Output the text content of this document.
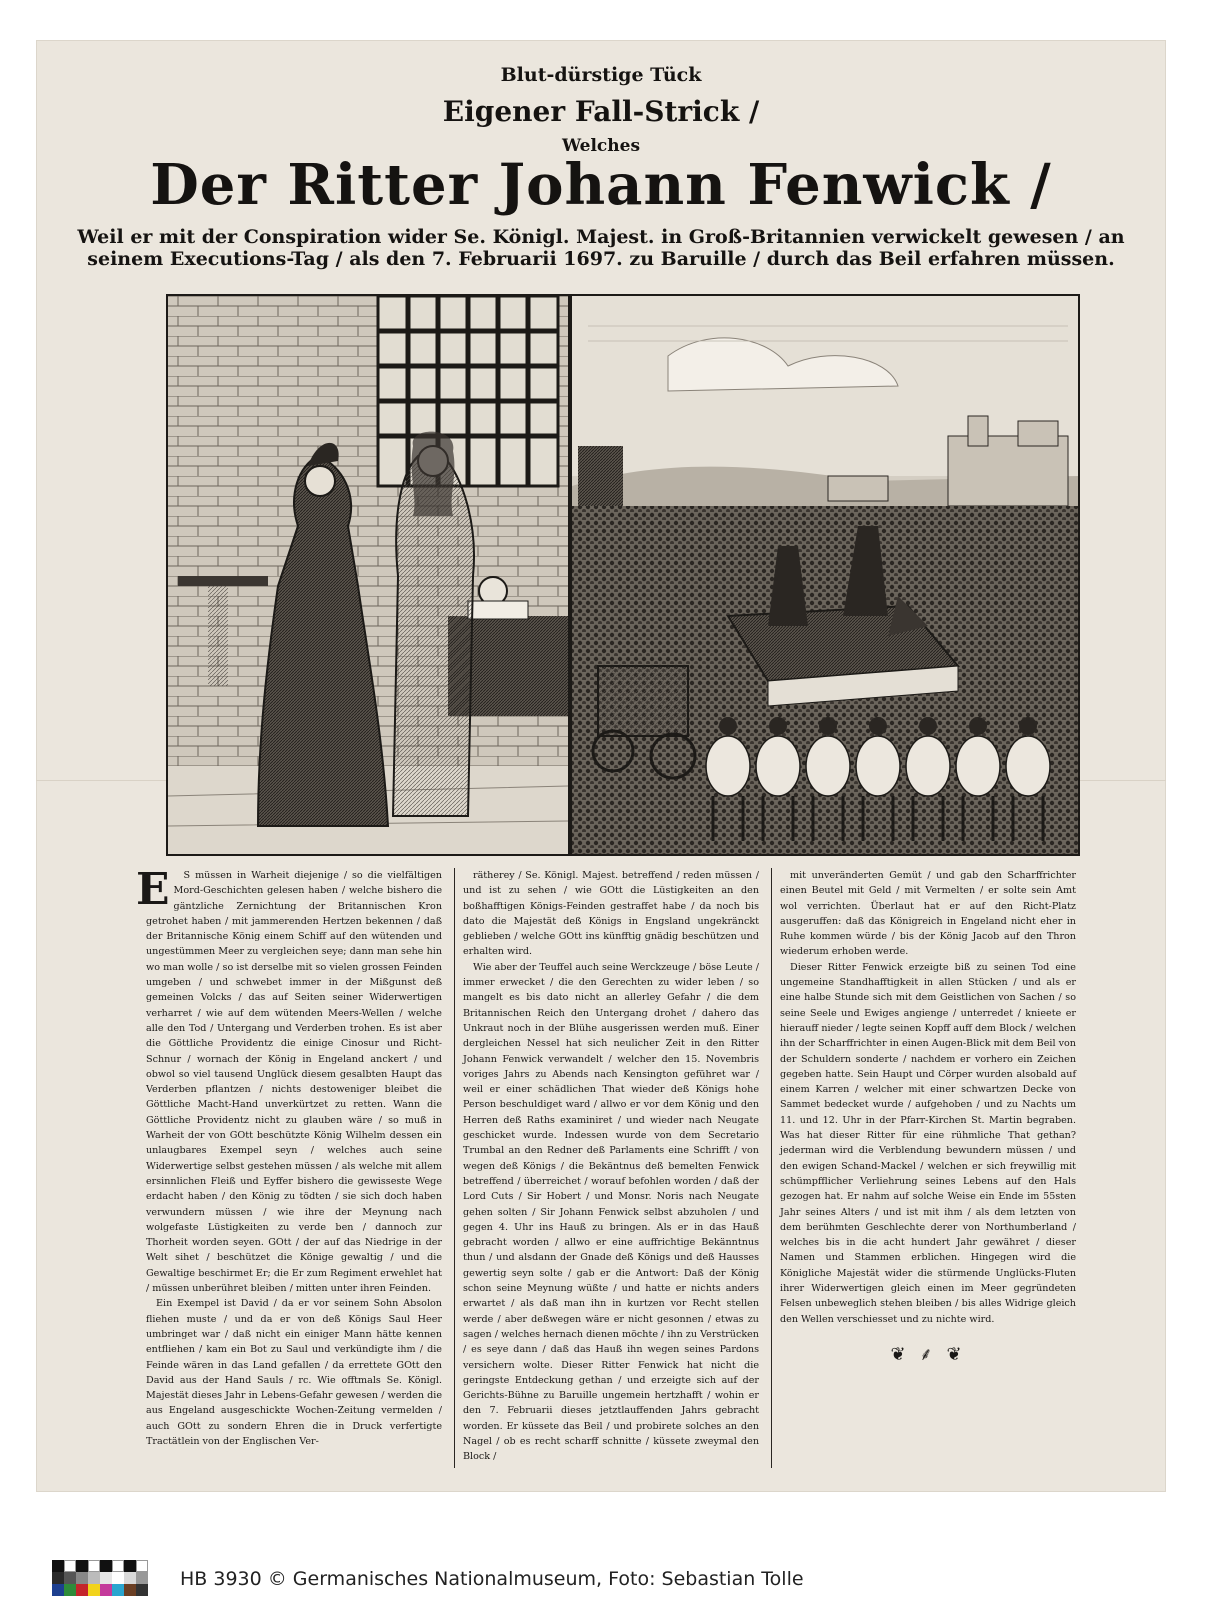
Blut-dürstige Tück
Eigener Fall-Strick /
Welches
Der Ritter Johann Fenwick /
Weil er mit der Conspiration wider Se. Königl. Majest. in Groß-Britannien verwickelt gewesen / an seinem Executions-Tag / als den 7. Februarii 1697. zu Baruille / durch das Beil erfahren müssen.
E	S müssen in Warheit diejenige / so die vielfältigen Mord-Geschichten gelesen haben / welche bishero die gäntzliche Zernichtung der Britannischen Kron getrohet haben / mit jammerenden Hertzen bekennen / daß der Britannische König einem Schiff auf den wütenden und ungestümmen Meer zu vergleichen seye; dann man sehe hin wo man wolle / so ist derselbe mit so vielen grossen Feinden umgeben / und schwebet immer in der Mißgunst deß gemeinen Volcks / das auf Seiten seiner Widerwertigen verharret / wie auf dem wütenden Meers-Wellen / welche alle den Tod / Untergang und Verderben trohen. Es ist aber die Göttliche Providentz die einige Cinosur und Richt-Schnur / wornach der König in Engeland anckert / und obwol so viel tausend Unglück diesem gesalbten Haupt das Verderben pflantzen / nichts destoweniger bleibet die Göttliche Macht-Hand unverkürtzet zu retten. Wann die Göttliche Providentz nicht zu glauben wäre / so muß in Warheit der von GOtt beschützte König Wilhelm dessen ein unlaugbares Exempel seyn / welches auch seine Widerwertige selbst gestehen müssen / als welche mit allem ersinnlichen Fleiß und Eyffer bishero die gewisseste Wege erdacht haben / den König zu tödten / sie sich doch haben verwundern müssen / wie ihre der Meynung nach wolgefaste Lüstigkeiten zu verde ben / dannoch zur Thorheit worden seyen. GOtt / der auf das Niedrige in der Welt sihet / beschützet die Könige gewaltig / und die Gewaltige beschirmet Er; die Er zum Regiment erwehlet hat / müssen unberühret bleiben / mitten unter ihren Feinden.

Ein Exempel ist David / da er vor seinem Sohn Absolon fliehen muste / und da er von deß Königs Saul Heer umbringet war / daß nicht ein einiger Mann hätte kennen entfliehen / kam ein Bot zu Saul und verkündigte ihm / die Feinde wären in das Land gefallen / da errettete GOtt den David aus der Hand Sauls / rc. Wie offtmals Se. Königl. Majestät dieses Jahr in Lebens-Gefahr gewesen / werden die aus Engeland ausgeschickte Wochen-Zeitung vermelden / auch GOtt zu sondern Ehren die in Druck verfertigte Tractätlein von der Englischen Ver-

rätherey / Se. Königl. Majest. betreffend / reden müssen / und ist zu sehen / wie GOtt die Lüstigkeiten an den boßhafftigen Königs-Feinden gestraffet habe / da noch bis dato die Majestät deß Königs in Engsland ungekränckt geblieben / welche GOtt ins künfftig gnädig beschützen und erhalten wird.

Wie aber der Teuffel auch seine Werckzeuge / böse Leute / immer erwecket / die den Gerechten zu wider leben / so mangelt es bis dato nicht an allerley Gefahr / die dem Britannischen Reich den Untergang drohet / dahero das Unkraut noch in der Blühe ausgerissen werden muß. Einer dergleichen Nessel hat sich neulicher Zeit in den Ritter Johann Fenwick verwandelt / welcher den 15. Novembris voriges Jahrs zu Abends nach Kensington geführet war / weil er einer schädlichen That wieder deß Königs hohe Person beschuldiget ward / allwo er vor dem König und den Herren deß Raths examiniret / und wieder nach Neugate geschicket wurde. Indessen wurde von dem Secretario Trumbal an den Redner deß Parlaments eine Schrifft / von wegen deß Königs / die Bekäntnus deß bemelten Fenwick betreffend / überreichet / worauf befohlen worden / daß der Lord Cuts / Sir Hobert / und Monsr. Noris nach Neugate gehen solten / Sir Johann Fenwick selbst abzuholen / und gegen 4. Uhr ins Hauß zu bringen. Als er in das Hauß gebracht worden / allwo er eine auffrichtige Bekänntnus thun / und alsdann der Gnade deß Königs und deß Hausses gewertig seyn solte / gab er die Antwort: Daß der König schon seine Meynung wüßte / und hatte er nichts anders erwartet / als daß man ihn in kurtzen vor Recht stellen werde / aber deßwegen wäre er nicht gesonnen / etwas zu sagen / welches hernach dienen möchte / ihn zu Verstrücken / es seye dann / daß das Hauß ihn wegen seines Pardons versichern wolte. Dieser Ritter Fenwick hat nicht die geringste Entdeckung gethan / und erzeigte sich auf der Gerichts-Bühne zu Baruille ungemein hertzhafft / wohin er den 7. Februarii dieses jetztlauffenden Jahrs gebracht worden. Er küssete das Beil / und probirete solches an den Nagel / ob es recht scharff schnitte / küssete zweymal den Block /

mit unveränderten Gemüt / und gab den Scharffrichter einen Beutel mit Geld / mit Vermelten / er solte sein Amt wol verrichten. Überlaut hat er auf den Richt-Platz ausgeruffen: daß das Königreich in Engeland nicht eher in Ruhe kommen würde / bis der König Jacob auf den Thron wiederum erhoben werde.

Dieser Ritter Fenwick erzeigte biß zu seinen Tod eine ungemeine Standhafftigkeit in allen Stücken / und als er eine halbe Stunde sich mit dem Geistlichen von Sachen / so seine Seele und Ewiges angienge / unterredet / knieete er hierauff nieder / legte seinen Kopff auff dem Block / welchen ihn der Scharffrichter in einen Augen-Blick mit dem Beil von der Schuldern sonderte / nachdem er vorhero ein Zeichen gegeben hatte. Sein Haupt und Cörper wurden alsobald auf einem Karren / welcher mit einer schwartzen Decke von Sammet bedecket wurde / aufgehoben / und zu Nachts um 11. und 12. Uhr in der Pfarr-Kirchen St. Martin begraben. Was hat dieser Ritter für eine rühmliche That gethan? jederman wird die Verblendung bewundern müssen / und den ewigen Schand-Mackel / welchen er sich freywillig mit schümpfflicher Verliehrung seines Lebens auf den Hals gezogen hat. Er nahm auf solche Weise ein Ende im 55sten Jahr seines Alters / und ist mit ihm / als dem letzten von dem berühmten Geschlechte derer von Northumberland / welches bis in die acht hundert Jahr gewähret / dieser Namen und Stammen erblichen. Hingegen wird die Königliche Majestät wider die stürmende Unglücks-Fluten ihrer Widerwertigen gleich einen im Meer gegründeten Felsen unbeweglich stehen bleiben / bis alles Widrige gleich den Wellen verschiesset und zu nichte wird.

❦ ⸙ ❦
HB 3930 © Germanisches Nationalmuseum, Foto: Sebastian Tolle
